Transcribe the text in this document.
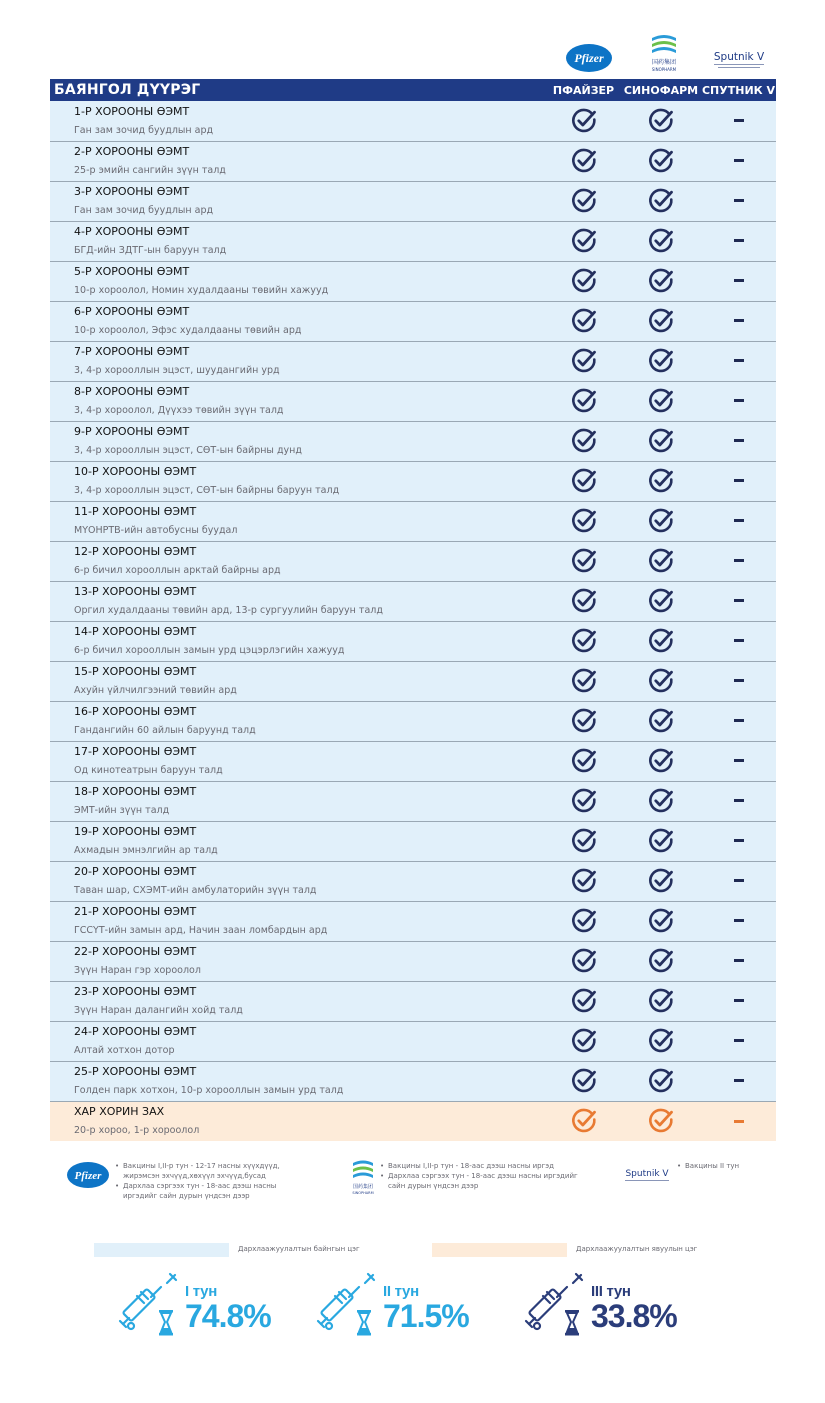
Pfizer	国药集团
SINOPHARM
Sputnik V
БАЯНГОЛ ДҮҮРЭГ	ПФАЙЗЕР	СИНОФАРМ	СПУТНИК V

1-Р ХОРООНЫ ӨЭМТ
Ган зам зочид буудлын ард

2-Р ХОРООНЫ ӨЭМТ
25-р эмийн сангийн зүүн талд

3-Р ХОРООНЫ ӨЭМТ
Ган зам зочид буудлын ард

4-Р ХОРООНЫ ӨЭМТ
БГД-ийн ЗДТГ-ын баруун талд

5-Р ХОРООНЫ ӨЭМТ
10-р хороолол, Номин худалдааны төвийн хажууд

6-Р ХОРООНЫ ӨЭМТ
10-р хороолол, Эфэс худалдааны төвийн ард

7-Р ХОРООНЫ ӨЭМТ
3, 4-р хорооллын эцэст, шуудангийн урд

8-Р ХОРООНЫ ӨЭМТ
3, 4-р хороолол, Дүүхээ төвийн зүүн талд

9-Р ХОРООНЫ ӨЭМТ
3, 4-р хорооллын эцэст, СӨТ-ын байрны дунд

10-Р ХОРООНЫ ӨЭМТ
3, 4-р хорооллын эцэст, СӨТ-ын байрны баруун талд

11-Р ХОРООНЫ ӨЭМТ
МҮОНРТВ-ийн автобусны буудал

12-Р ХОРООНЫ ӨЭМТ
6-р бичил хорооллын арктай байрны ард

13-Р ХОРООНЫ ӨЭМТ
Оргил худалдааны төвийн ард, 13-р сургуулийн баруун талд

14-Р ХОРООНЫ ӨЭМТ
6-р бичил хорооллын замын урд цэцэрлэгийн хажууд

15-Р ХОРООНЫ ӨЭМТ
Ахуйн үйлчилгээний төвийн ард

16-Р ХОРООНЫ ӨЭМТ
Гандангийн 60 айлын баруунд талд

17-Р ХОРООНЫ ӨЭМТ
Од кинотеатрын баруун талд

18-Р ХОРООНЫ ӨЭМТ
ЭМТ-ийн зүүн талд

19-Р ХОРООНЫ ӨЭМТ
Ахмадын эмнэлгийн ар талд

20-Р ХОРООНЫ ӨЭМТ
Таван шар, СХЭМТ-ийн амбулаторийн зүүн талд

21-Р ХОРООНЫ ӨЭМТ
ГССҮТ-ийн замын ард, Начин заан ломбардын ард

22-Р ХОРООНЫ ӨЭМТ
Зүүн Наран гэр хороолол

23-Р ХОРООНЫ ӨЭМТ
Зүүн Наран далангийн хойд талд

24-Р ХОРООНЫ ӨЭМТ
Алтай хотхон дотор

25-Р ХОРООНЫ ӨЭМТ
Голден парк хотхон, 10-р хорооллын замын урд талд

ХАР ХОРИН ЗАХ
20-р хороо, 1-р хороолол

Pfizer
• Вакцины I,II-р тун - 12-17 насны хүүхдүүд, жирэмсэн эхчүүд,хөхүүл эхчүүд,бусад
• Дархлаа сэргээх тун - 18-аас дээш насны иргэдийг сайн дурын үндсэн дээр
国药集团
SINOPHARM
• Вакцины I,II-р тун - 18-аас дээш насны иргэд
• Дархлаа сэргээх тун - 18-аас дээш насны иргэдийг сайн дурын үндсэн дээр
Sputnik V
• Вакцины II тун
Дархлаажуулалтын байнгын цэг	Дархлаажуулалтын явуулын цэг
I тун
74.8%
II тун
71.5%
III тун
33.8%
